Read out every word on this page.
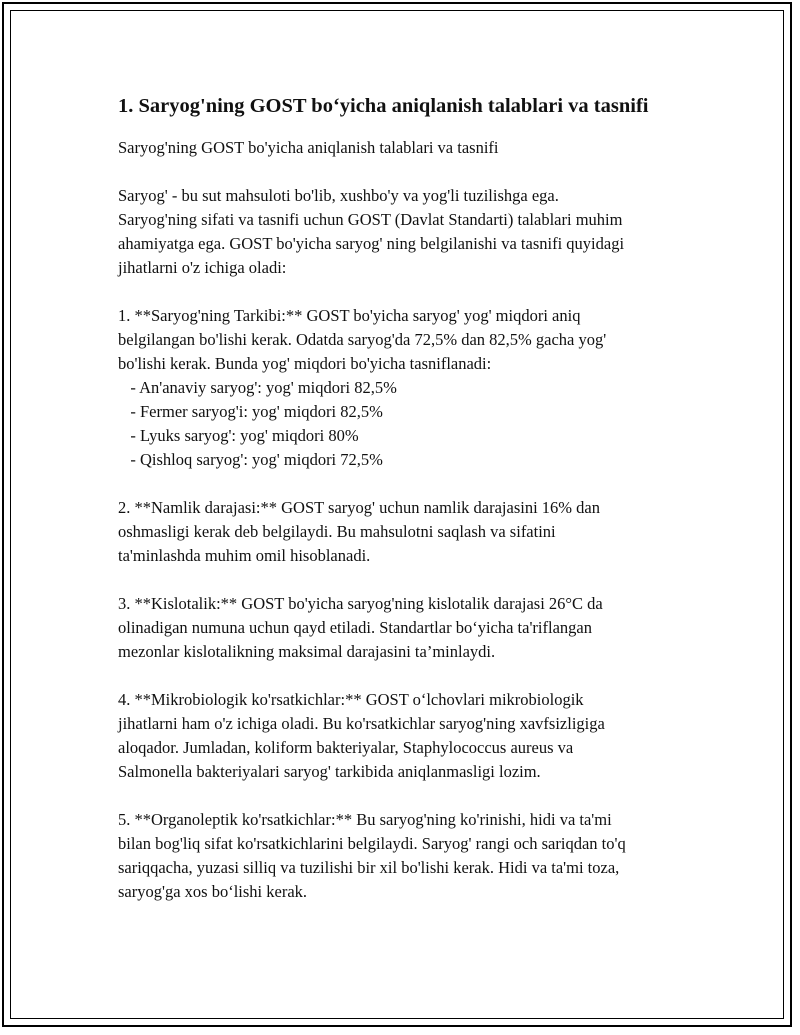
1. Saryog'ning GOST bo‘yicha aniqlanish talablari va tasnifi

Saryog'ning GOST bo'yicha aniqlanish talablari va tasnifi

Saryog' - bu sut mahsuloti bo'lib, xushbo'y va yog'li tuzilishga ega.

Saryog'ning sifati va tasnifi uchun GOST (Davlat Standarti) talablari muhim

ahamiyatga ega. GOST bo'yicha saryog' ning belgilanishi va tasnifi quyidagi

jihatlarni o'z ichiga oladi:

1. **Saryog'ning Tarkibi:** GOST bo'yicha saryog' yog' miqdori aniq

belgilangan bo'lishi kerak. Odatda saryog'da 72,5% dan 82,5% gacha yog'

bo'lishi kerak. Bunda yog' miqdori bo'yicha tasniflanadi:

- An'anaviy saryog': yog' miqdori 82,5%

- Fermer saryog'i: yog' miqdori 82,5%

- Lyuks saryog': yog' miqdori 80%

- Qishloq saryog': yog' miqdori 72,5%

2. **Namlik darajasi:** GOST saryog' uchun namlik darajasini 16% dan

oshmasligi kerak deb belgilaydi. Bu mahsulotni saqlash va sifatini

ta'minlashda muhim omil hisoblanadi.

3. **Kislotalik:** GOST bo'yicha saryog'ning kislotalik darajasi 26°C da

olinadigan numuna uchun qayd etiladi. Standartlar bo‘yicha ta'riflangan

mezonlar kislotalikning maksimal darajasini ta’minlaydi.

4. **Mikrobiologik ko'rsatkichlar:** GOST o‘lchovlari mikrobiologik

jihatlarni ham o'z ichiga oladi. Bu ko'rsatkichlar saryog'ning xavfsizligiga

aloqador. Jumladan, koliform bakteriyalar, Staphylococcus aureus va

Salmonella bakteriyalari saryog' tarkibida aniqlanmasligi lozim.

5. **Organoleptik ko'rsatkichlar:** Bu saryog'ning ko'rinishi, hidi va ta'mi

bilan bog'liq sifat ko'rsatkichlarini belgilaydi. Saryog' rangi och sariqdan to'q

sariqqacha, yuzasi silliq va tuzilishi bir xil bo'lishi kerak. Hidi va ta'mi toza,

saryog'ga xos bo‘lishi kerak.
